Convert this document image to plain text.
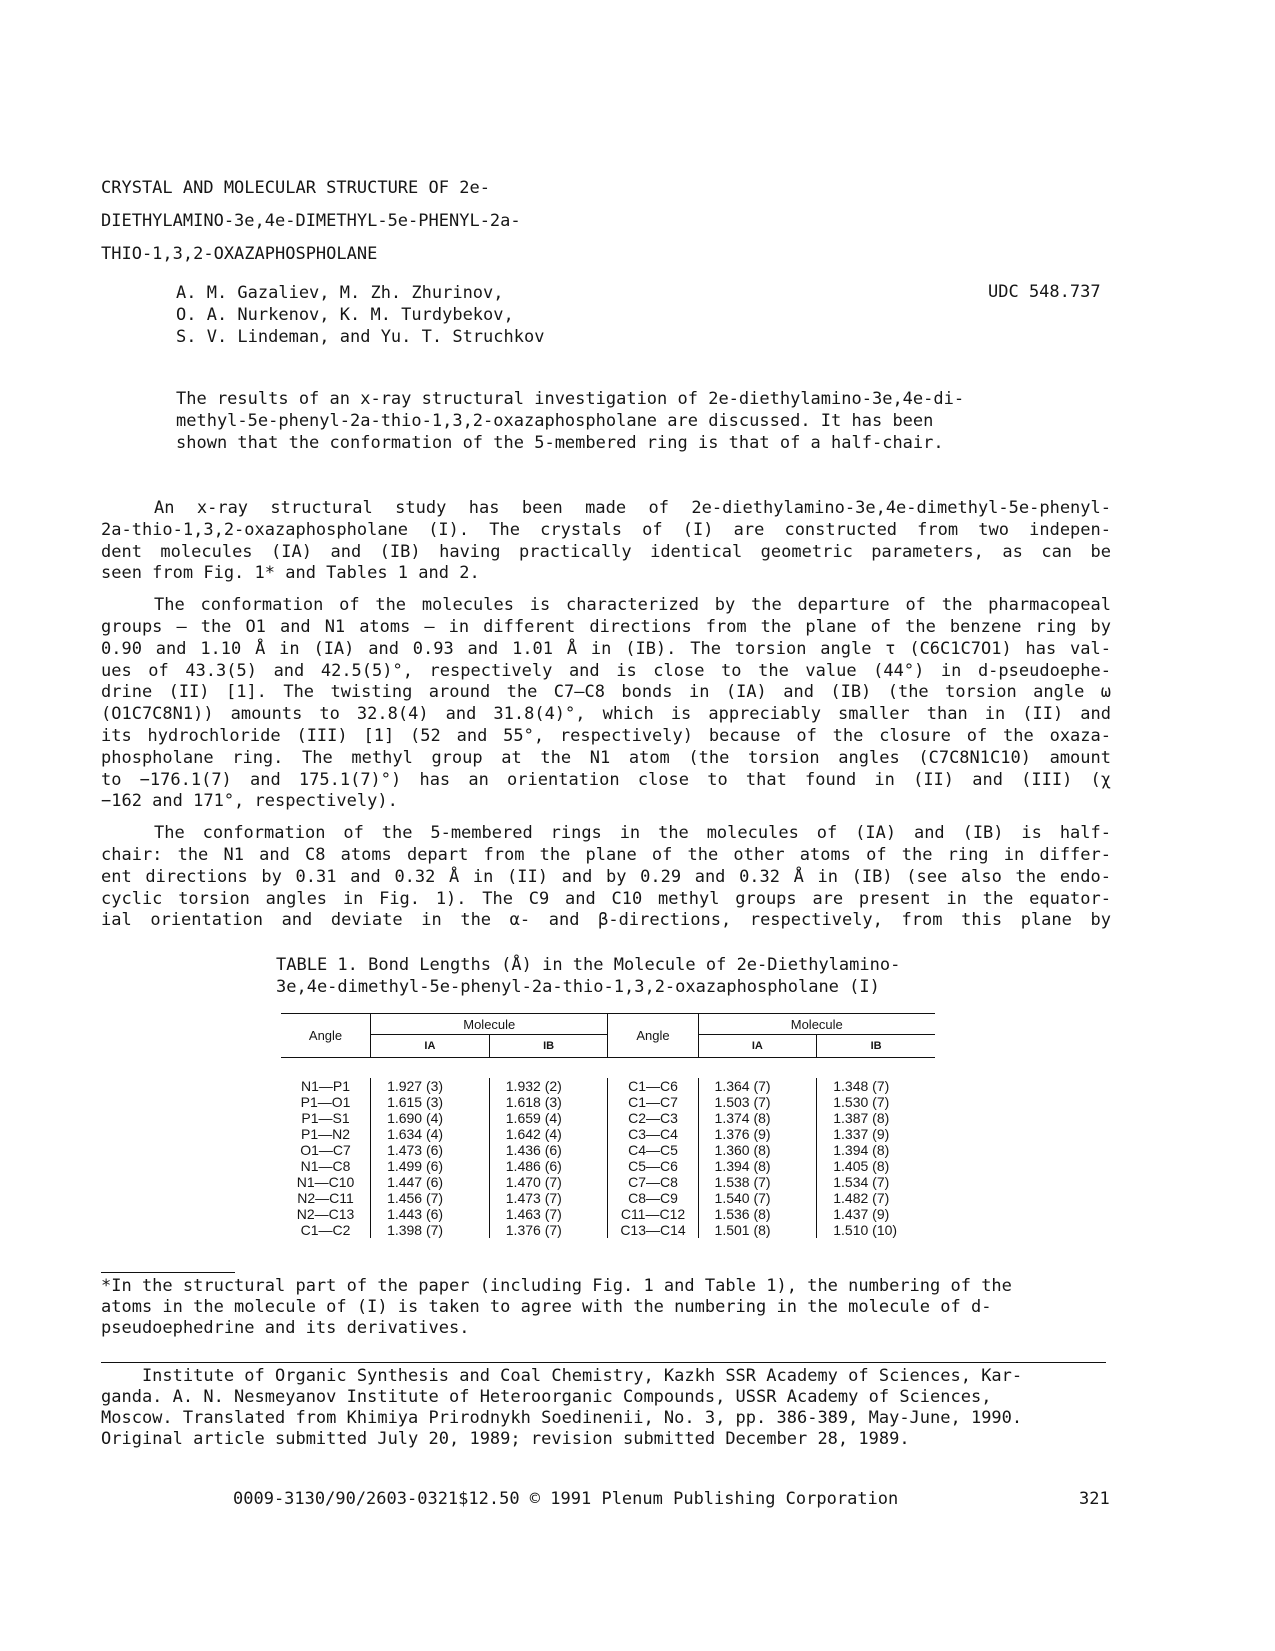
CRYSTAL AND MOLECULAR STRUCTURE OF 2e-
DIETHYLAMINO-3e,4e-DIMETHYL-5e-PHENYL-2a-
THIO-1,3,2-OXAZAPHOSPHOLANE
A. M. Gazaliev, M. Zh. Zhurinov,
O. A. Nurkenov, K. M. Turdybekov,
S. V. Lindeman, and Yu. T. Struchkov
UDC 548.737
The results of an x-ray structural investigation of 2e-diethylamino-3e,4e-di-
methyl-5e-phenyl-2a-thio-1,3,2-oxazaphospholane are discussed. It has been
shown that the conformation of the 5-membered ring is that of a half-chair.
An x-ray structural study has been made of 2e-diethylamino-3e,4e-dimethyl-5e-phenyl-
2a-thio-1,3,2-oxazaphospholane (I). The crystals of (I) are constructed from two indepen-
dent molecules (IA) and (IB) having practically identical geometric parameters, as can be
seen from Fig. 1* and Tables 1 and 2.
The conformation of the molecules is characterized by the departure of the pharmacopeal
groups — the O1 and N1 atoms — in different directions from the plane of the benzene ring by
0.90 and 1.10 Å in (IA) and 0.93 and 1.01 Å in (IB). The torsion angle τ (C6C1C7O1) has val-
ues of 43.3(5) and 42.5(5)°, respectively and is close to the value (44°) in d-pseudoephe-
drine (II) [1]. The twisting around the C7—C8 bonds in (IA) and (IB) (the torsion angle ω
(O1C7C8N1)) amounts to 32.8(4) and 31.8(4)°, which is appreciably smaller than in (II) and
its hydrochloride (III) [1] (52 and 55°, respectively) because of the closure of the oxaza-
phospholane ring. The methyl group at the N1 atom (the torsion angles (C7C8N1C10) amount
to −176.1(7) and 175.1(7)°) has an orientation close to that found in (II) and (III) (χ
−162 and 171°, respectively).
The conformation of the 5-membered rings in the molecules of (IA) and (IB) is half-
chair: the N1 and C8 atoms depart from the plane of the other atoms of the ring in differ-
ent directions by 0.31 and 0.32 Å in (II) and by 0.29 and 0.32 Å in (IB) (see also the endo-
cyclic torsion angles in Fig. 1). The C9 and C10 methyl groups are present in the equator-
ial orientation and deviate in the α- and β-directions, respectively, from this plane by
TABLE 1. Bond Lengths (Å) in the Molecule of 2e-Diethylamino-
3e,4e-dimethyl-5e-phenyl-2a-thio-1,3,2-oxazaphospholane (I)
Angle	Molecule		Angle	Molecule	
	IA	IB		IA	IB

N1—P1	1.927 (3)	1.932 (2)	C1—C6	1.364 (7)	1.348 (7)
P1—O1	1.615 (3)	1.618 (3)	C1—C7	1.503 (7)	1.530 (7)
P1—S1	1.690 (4)	1.659 (4)	C2—C3	1.374 (8)	1.387 (8)
P1—N2	1.634 (4)	1.642 (4)	C3—C4	1.376 (9)	1.337 (9)
O1—C7	1.473 (6)	1.436 (6)	C4—C5	1.360 (8)	1.394 (8)
N1—C8	1.499 (6)	1.486 (6)	C5—C6	1.394 (8)	1.405 (8)
N1—C10	1.447 (6)	1.470 (7)	C7—C8	1.538 (7)	1.534 (7)
N2—C11	1.456 (7)	1.473 (7)	C8—C9	1.540 (7)	1.482 (7)
N2—C13	1.443 (6)	1.463 (7)	C11—C12	1.536 (8)	1.437 (9)
C1—C2	1.398 (7)	1.376 (7)	C13—C14	1.501 (8)	1.510 (10)
*In the structural part of the paper (including Fig. 1 and Table 1), the numbering of the
atoms in the molecule of (I) is taken to agree with the numbering in the molecule of d-
pseudoephedrine and its derivatives.
Institute of Organic Synthesis and Coal Chemistry, Kazkh SSR Academy of Sciences, Kar-
ganda. A. N. Nesmeyanov Institute of Heteroorganic Compounds, USSR Academy of Sciences,
Moscow. Translated from Khimiya Prirodnykh Soedinenii, No. 3, pp. 386-389, May-June, 1990.
Original article submitted July 20, 1989; revision submitted December 28, 1989.
0009-3130/90/2603-0321$12.50 © 1991 Plenum Publishing Corporation	321
